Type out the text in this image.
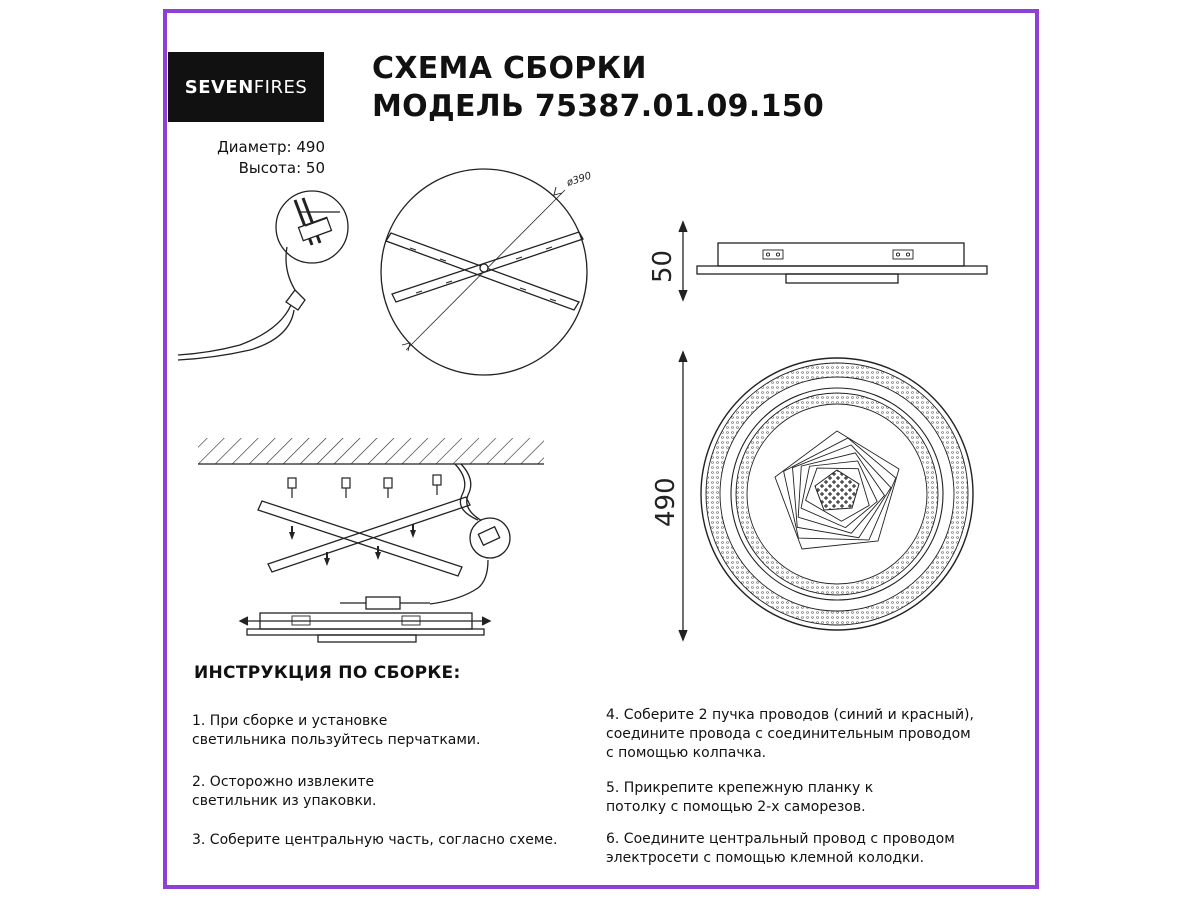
SEVEN FIRES
СХЕМА СБОРКИ
МОДЕЛЬ 75387.01.09.150
Диаметр: 490
Высота: 50
ø390
50
490
ИНСТРУКЦИЯ ПО СБОРКЕ:
1. При сборке и установке
светильника пользуйтесь перчатками.
2. Осторожно извлеките
светильник из упаковки.
3. Соберите центральную часть, согласно схеме.
4. Соберите 2 пучка проводов (синий и красный),
соедините провода с соединительным проводом
с помощью колпачка.
5. Прикрепите крепежную планку к
потолку с помощью 2-х саморезов.
6. Соедините центральный провод с проводом
электросети с помощью клемной колодки.
